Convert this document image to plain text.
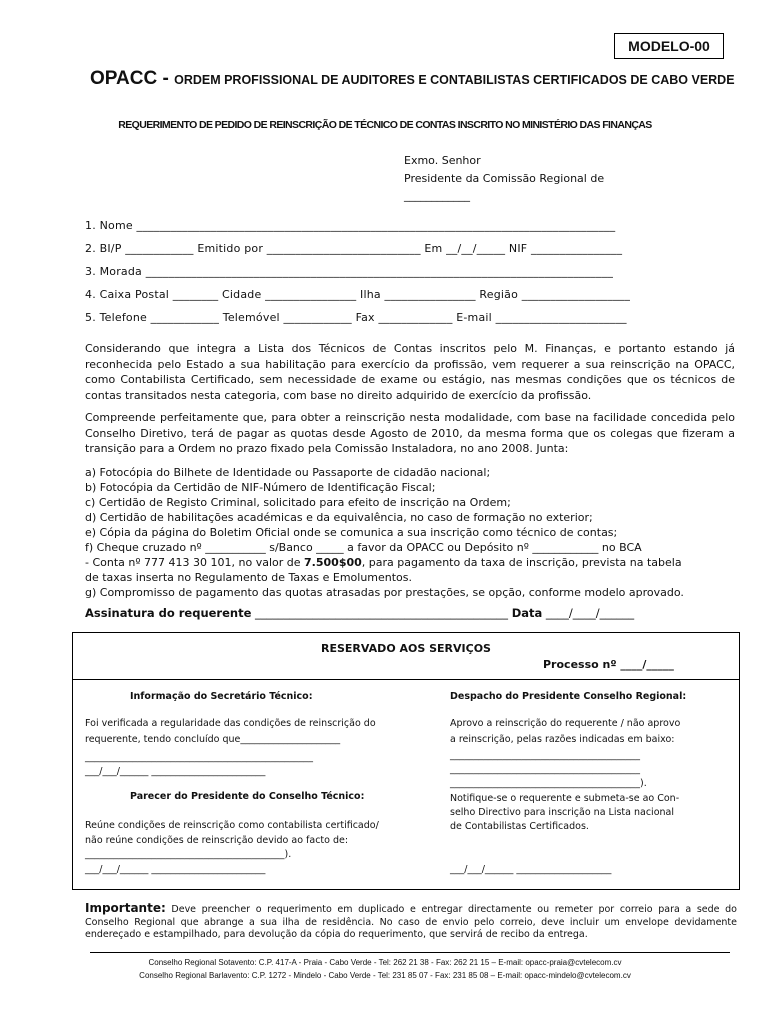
MODELO-00
OPACC - ORDEM PROFISSIONAL DE AUDITORES E CONTABILISTAS CERTIFICADOS DE CABO VERDE
REQUERIMENTO DE PEDIDO DE REINSCRIÇÃO DE TÉCNICO DE CONTAS INSCRITO NO MINISTÉRIO DAS FINANÇAS
Exmo. Senhor
Presidente da Comissão Regional de
____________
1. Nome ____________________________________________________________________________________
2. BI/P ____________ Emitido por ___________________________ Em __/__/_____ NIF ________________
3. Morada __________________________________________________________________________________
4. Caixa Postal ________ Cidade ________________ Ilha ________________ Região ___________________
5. Telefone ____________ Telemóvel ____________ Fax _____________ E-mail _______________________
Considerando que integra a Lista dos Técnicos de Contas inscritos pelo M. Finanças, e portanto estando já reconhecida pelo Estado a sua habilitação para exercício da profissão, vem requerer a sua reinscrição na OPACC, como Contabilista Certificado, sem necessidade de exame ou estágio, nas mesmas condições que os técnicos de contas transitados nesta categoria, com base no direito adquirido de exercício da profissão.
Compreende perfeitamente que, para obter a reinscrição nesta modalidade, com base na facilidade concedida pelo Conselho Diretivo, terá de pagar as quotas desde Agosto de 2010, da mesma forma que os colegas que fizeram a transição para a Ordem no prazo fixado pela Comissão Instaladora, no ano 2008. Junta:
a) Fotocópia do Bilhete de Identidade ou Passaporte de cidadão nacional;
b) Fotocópia da Certidão de NIF-Número de Identificação Fiscal;
c) Certidão de Registo Criminal, solicitado para efeito de inscrição na Ordem;
d) Certidão de habilitações académicas e da equivalência, no caso de formação no exterior;
e) Cópia da página do Boletim Oficial onde se comunica a sua inscrição como técnico de contas;
f) Cheque cruzado nº ___________ s/Banco _____ a favor da OPACC ou Depósito nº ____________ no BCA
- Conta nº 777 413 30 101, no valor de 7.500$00, para pagamento da taxa de inscrição, prevista na tabela
de taxas inserta no Regulamento de Taxas e Emolumentos.
g) Compromisso de pagamento das quotas atrasadas por prestações, se opção, conforme modelo aprovado.
Assinatura do requerente ____________________________________________ Data ____/____/______
RESERVADO AOS SERVIÇOS
Processo nº ____/_____
Informação do Secretário Técnico:
Foi verificada a regularidade das condições de reinscrição do
requerente, tendo concluído que_____________________
________________________________________________
___/___/______ ________________________
Parecer do Presidente do Conselho Técnico:
Reúne condições de reinscrição como contabilista certificado/
não reúne condições de reinscrição devido ao facto de:
__________________________________________).
___/___/______ ________________________
Despacho do Presidente Conselho Regional:
Aprovo a reinscrição do requerente / não aprovo
a reinscrição, pelas razões indicadas em baixo:
________________________________________
________________________________________
________________________________________).
Notifique-se o requerente e submeta-se ao Con-
selho Directivo para inscrição na Lista nacional
de Contabilistas Certificados.
___/___/______ ____________________
Importante: Deve preencher o requerimento em duplicado e entregar directamente ou remeter por correio para a sede do Conselho Regional que abrange a sua ilha de residência. No caso de envio pelo correio, deve incluir um envelope devidamente endereçado e estampilhado, para devolução da cópia do requerimento, que servirá de recibo da entrega.
Conselho Regional Sotavento: C.P. 417-A - Praia - Cabo Verde - Tel: 262 21 38 - Fax: 262 21 15 – E-mail: opacc-praia@cvtelecom.cv
Conselho Regional Barlavento: C.P. 1272 - Mindelo - Cabo Verde - Tel: 231 85 07 - Fax: 231 85 08 – E-mail: opacc-mindelo@cvtelecom.cv
